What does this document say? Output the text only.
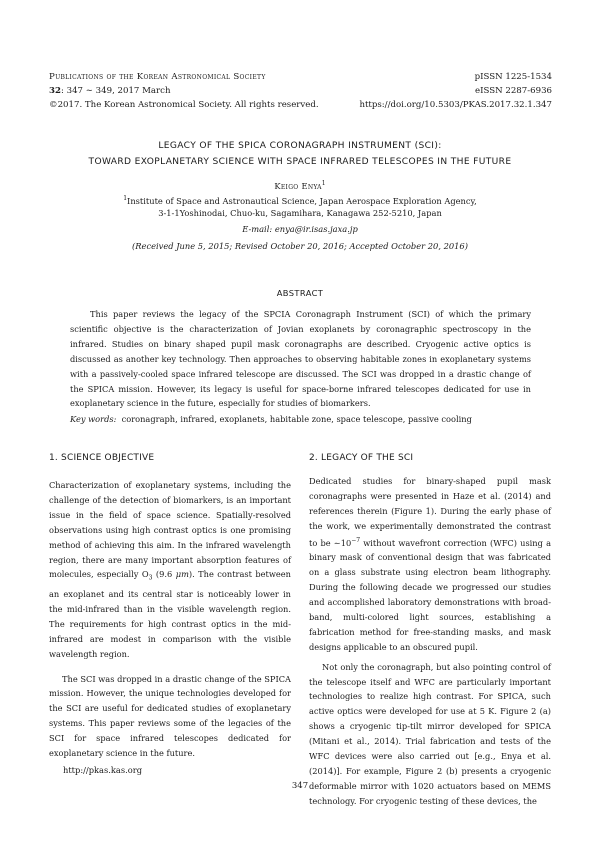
Publications of the Korean Astronomical Society
32: 347 ∼ 349, 2017 March
©2017. The Korean Astronomical Society. All rights reserved.
pISSN 1225-1534
eISSN 2287-6936
https://doi.org/10.5303/PKAS.2017.32.1.347
LEGACY OF THE SPICA CORONAGRAPH INSTRUMENT (SCI):
TOWARD EXOPLANETARY SCIENCE WITH SPACE INFRARED TELESCOPES IN THE FUTURE
Keigo Enya$^1$
$^1$Institute of Space and Astronautical Science, Japan Aerospace Exploration Agency,
3-1-1Yoshinodai, Chuo-ku, Sagamihara, Kanagawa 252-5210, Japan
E-mail: enya@ir.isas.jaxa.jp
(Received June 5, 2015; Revised October 20, 2016; Accepted October 20, 2016)
ABSTRACT
This paper reviews the legacy of the SPCIA Coronagraph Instrument (SCI) of which the primary scientific objective is the characterization of Jovian exoplanets by coronagraphic spectroscopy in the infrared. Studies on binary shaped pupil mask coronagraphs are described. Cryogenic active optics is discussed as another key technology. Then approaches to observing habitable zones in exoplanetary systems with a passively-cooled space infrared telescope are discussed. The SCI was dropped in a drastic change of the SPICA mission. However, its legacy is useful for space-borne infrared telescopes dedicated for use in exoplanetary science in the future, especially for studies of biomarkers.
Key words: coronagraph, infrared, exoplanets, habitable zone, space telescope, passive cooling
1. SCIENCE OBJECTIVE

Characterization of exoplanetary systems, including the challenge of the detection of biomarkers, is an important issue in the field of space science. Spatially-resolved observations using high contrast optics is one promising method of achieving this aim. In the infrared wavelength region, there are many important absorption features of molecules, especially $O_3$ (9.6 μm). The contrast between an exoplanet and its central star is noticeably lower in the mid-infrared than in the visible wavelength region. The requirements for high contrast optics in the mid-infrared are modest in comparison with the visible wavelength region.

The SCI was dropped in a drastic change of the SPICA mission. However, the unique technologies developed for the SCI are useful for dedicated studies of exoplanetary systems. This paper reviews some of the legacies of the SCI for space infrared telescopes dedicated for exoplanetary science in the future.

2. LEGACY OF THE SCI

Dedicated studies for binary-shaped pupil mask coronagraphs were presented in Haze et al. (2014) and references therein (Figure 1). During the early phase of the work, we experimentally demonstrated the contrast to be $\sim 10^{-7}$ without wavefront correction (WFC) using a binary mask of conventional design that was fabricated on a glass substrate using electron beam lithography. During the following decade we progressed our studies and accomplished laboratory demonstrations with broad-band, multi-colored light sources, establishing a fabrication method for free-standing masks, and mask designs applicable to an obscured pupil.

Not only the coronagraph, but also pointing control of the telescope itself and WFC are particularly important technologies to realize high contrast. For SPICA, such active optics were developed for use at 5 K. Figure 2 (a) shows a cryogenic tip-tilt mirror developed for SPICA (Mitani et al., 2014). Trial fabrication and tests of the WFC devices were also carried out [e.g., Enya et al. (2014)]. For example, Figure 2 (b) presents a cryogenic deformable mirror with 1020 actuators based on MEMS technology. For cryogenic testing of these devices, the

http://pkas.kas.org
347
